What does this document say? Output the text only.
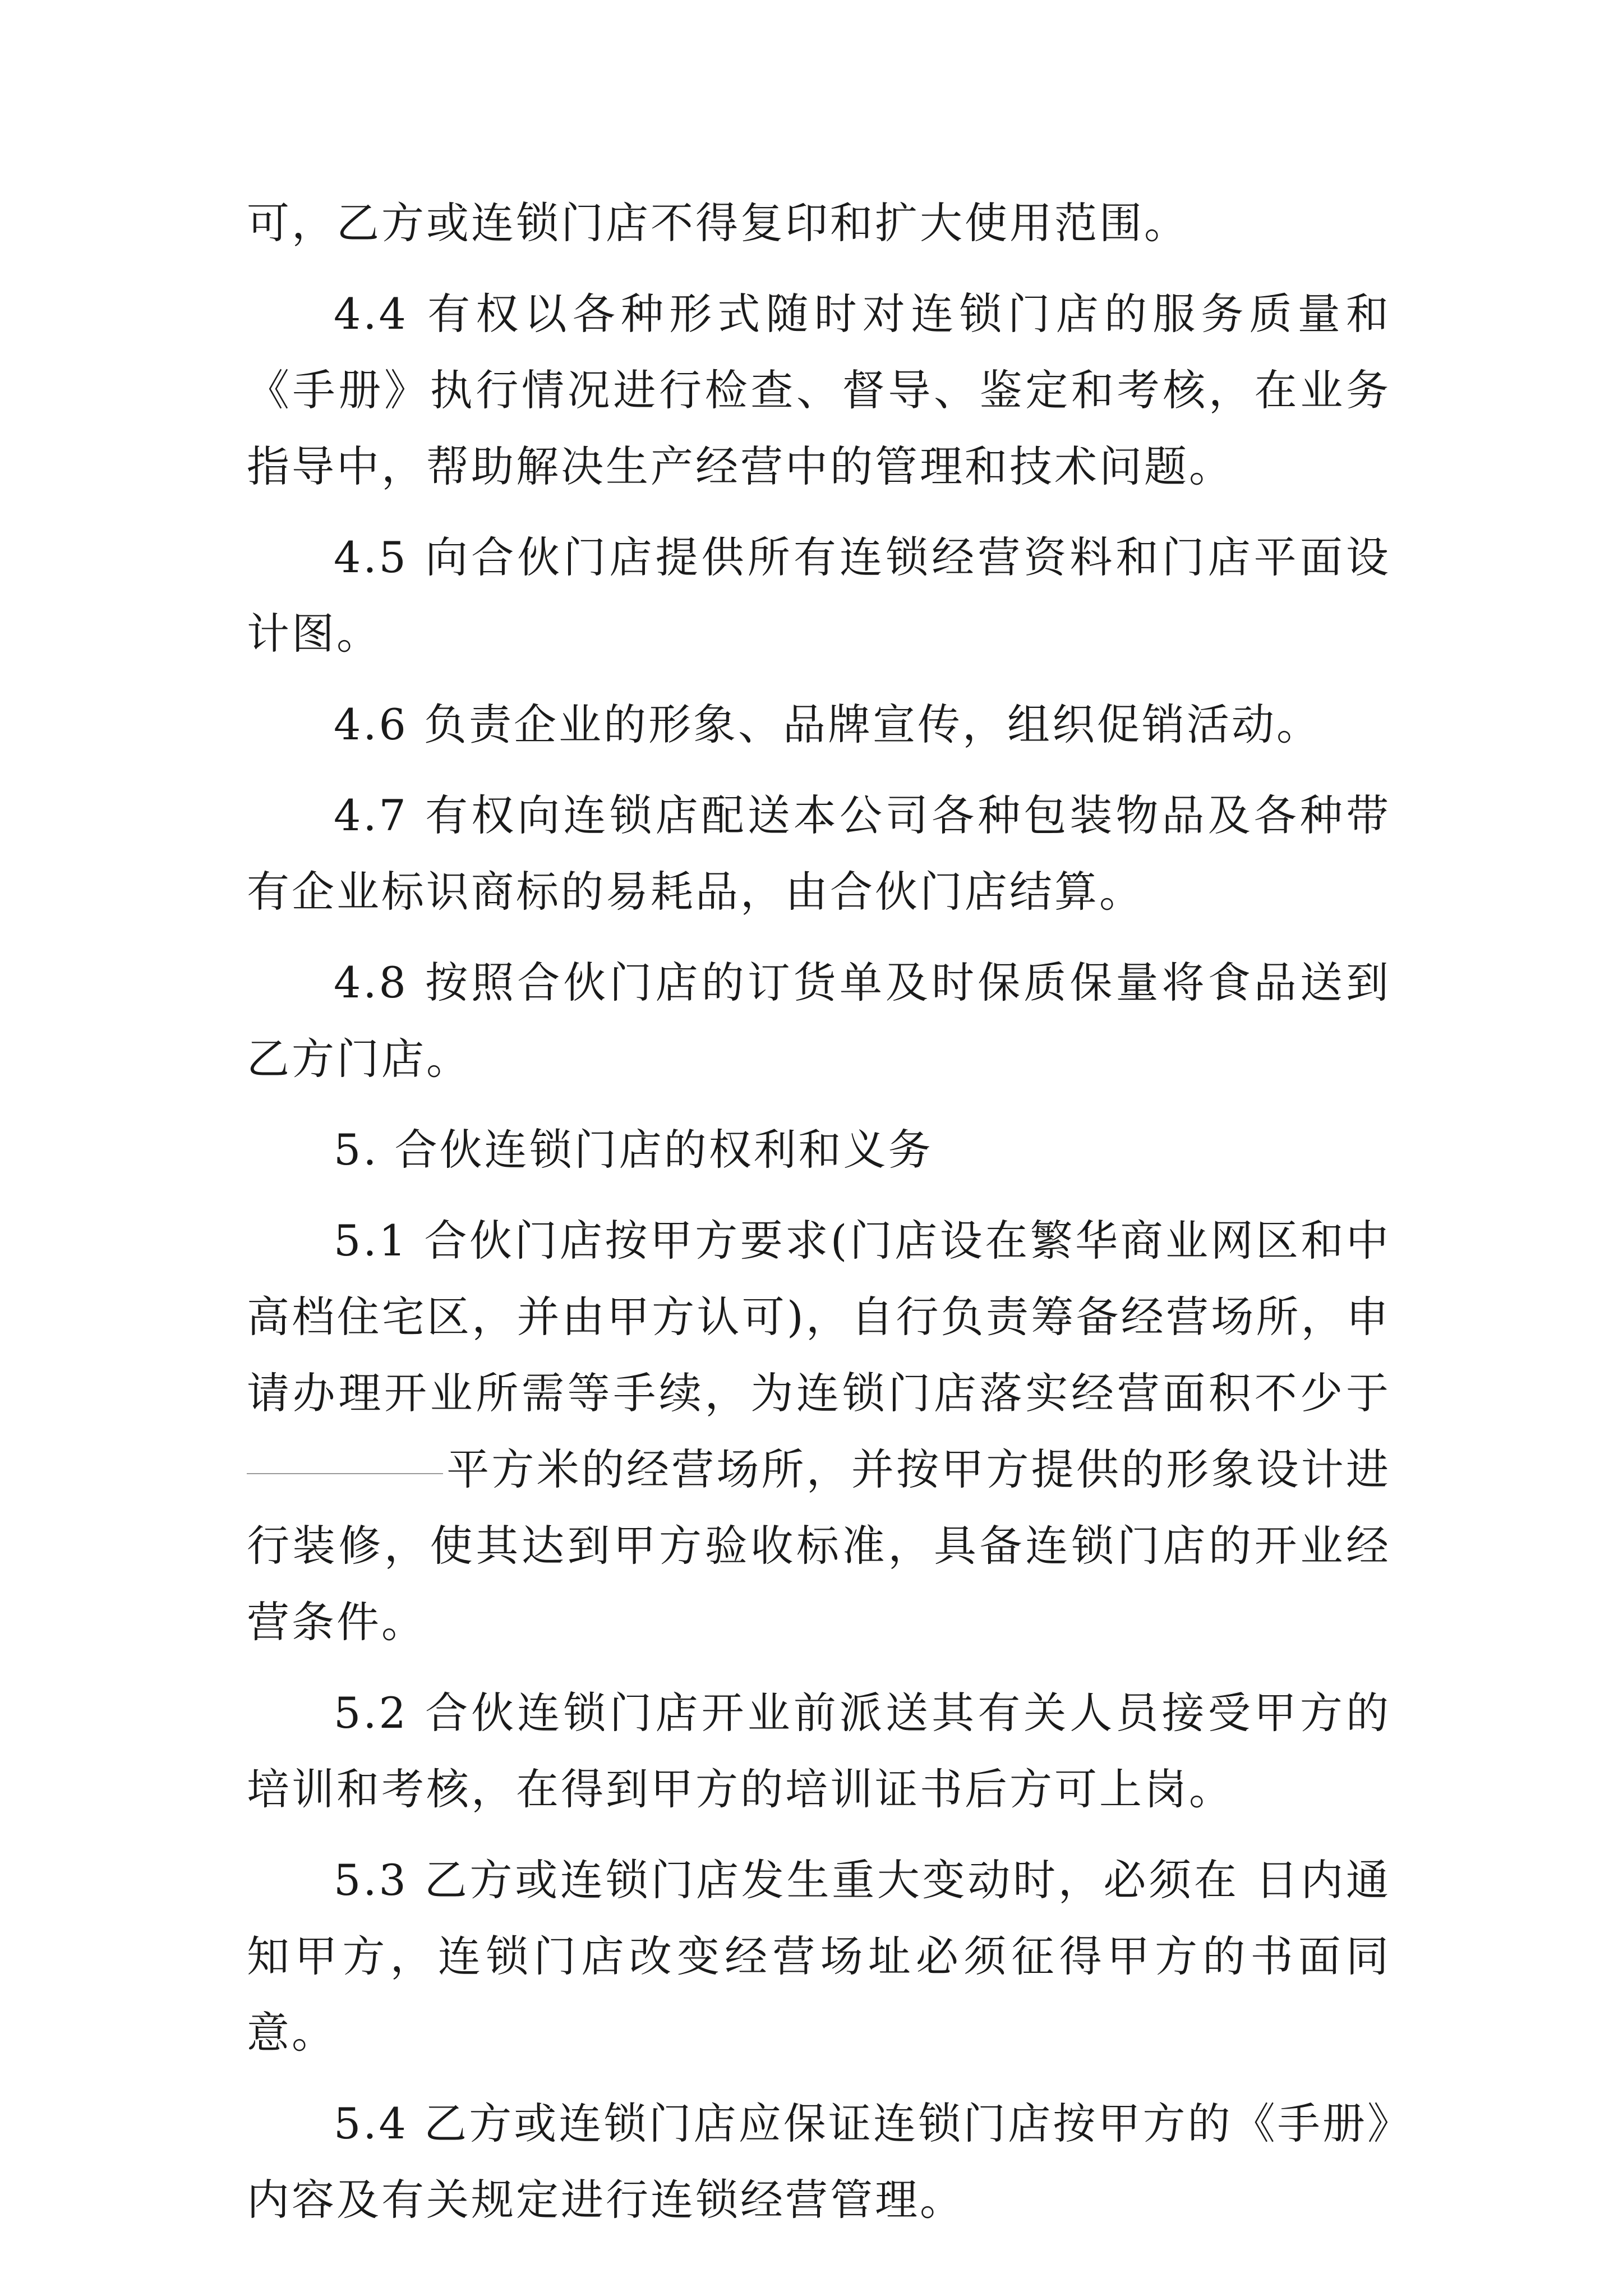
可，乙方或连锁门店不得复印和扩大使用范围。

4.4 有权以各种形式随时对连锁门店的服务质量和《手册》执行情况进行检查、督导、鉴定和考核，在业务指导中，帮助解决生产经营中的管理和技术问题。

4.5 向合伙门店提供所有连锁经营资料和门店平面设计图。

4.6 负责企业的形象、品牌宣传，组织促销活动。

4.7 有权向连锁店配送本公司各种包装物品及各种带有企业标识商标的易耗品，由合伙门店结算。

4.8 按照合伙门店的订货单及时保质保量将食品送到乙方门店。

5. 合伙连锁门店的权利和义务

5.1 合伙门店按甲方要求(门店设在繁华商业网区和中高档住宅区，并由甲方认可)，自行负责筹备经营场所，申请办理开业所需等手续，为连锁门店落实经营面积不少于平方米的经营场所，并按甲方提供的形象设计进行装修，使其达到甲方验收标准，具备连锁门店的开业经营条件。

5.2 合伙连锁门店开业前派送其有关人员接受甲方的培训和考核，在得到甲方的培训证书后方可上岗。

5.3 乙方或连锁门店发生重大变动时，必须在 日内通知甲方，连锁门店改变经营场址必须征得甲方的书面同意。

5.4 乙方或连锁门店应保证连锁门店按甲方的《手册》内容及有关规定进行连锁经营管理。
